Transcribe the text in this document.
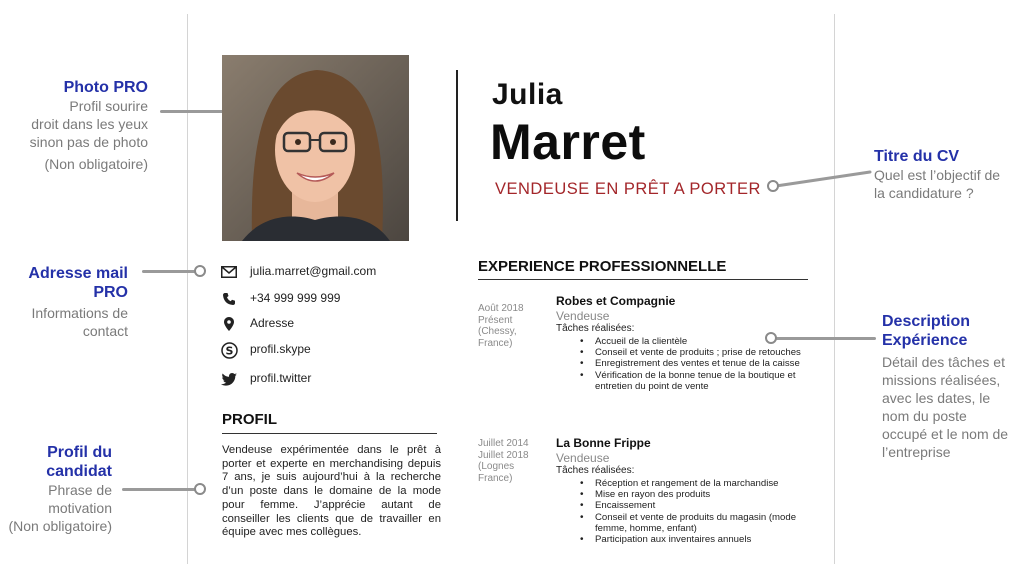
Photo PRO
Profil sourire
droit dans les yeux
sinon pas de photo
(Non obligatoire)
Adresse mail
PRO
Informations de
contact
Profil du
candidat
Phrase de
motivation
(Non obligatoire)
Titre du CV
Quel est l’objectif de
la candidature ?
Description
Expérience
Détail des tâches et
missions réalisées,
avec les dates, le
nom du poste
occupé et le nom de
l’entreprise
Julia
Marret
VENDEUSE EN PRÊT A PORTER
julia.marret@gmail.com
+34 999 999 999
Adresse
S profil.skype
profil.twitter
PROFIL
Vendeuse expérimentée dans le prêt à porter et experte en merchandising depuis 7 ans, je suis aujourd’hui à la recherche d’un poste dans le domaine de la mode pour femme. J’apprécie autant de conseiller les clients que de travailler en équipe avec mes collègues.
EXPERIENCE PROFESSIONNELLE
Août 2018
Présent
(Chessy,
France)
Robes et Compagnie
Vendeuse
Tâches réalisées:
• Accueil de la clientèle
• Conseil et vente de produits ; prise de retouches
• Enregistrement des ventes et tenue de la caisse
• Vérification de la bonne tenue de la boutique et entretien du point de vente
Juillet 2014
Juillet 2018
(Lognes
France)
La Bonne Frippe
Vendeuse
Tâches réalisées:
• Réception et rangement de la marchandise
• Mise en rayon des produits
• Encaissement
• Conseil et vente de produits du magasin (mode femme, homme, enfant)
• Participation aux inventaires annuels
